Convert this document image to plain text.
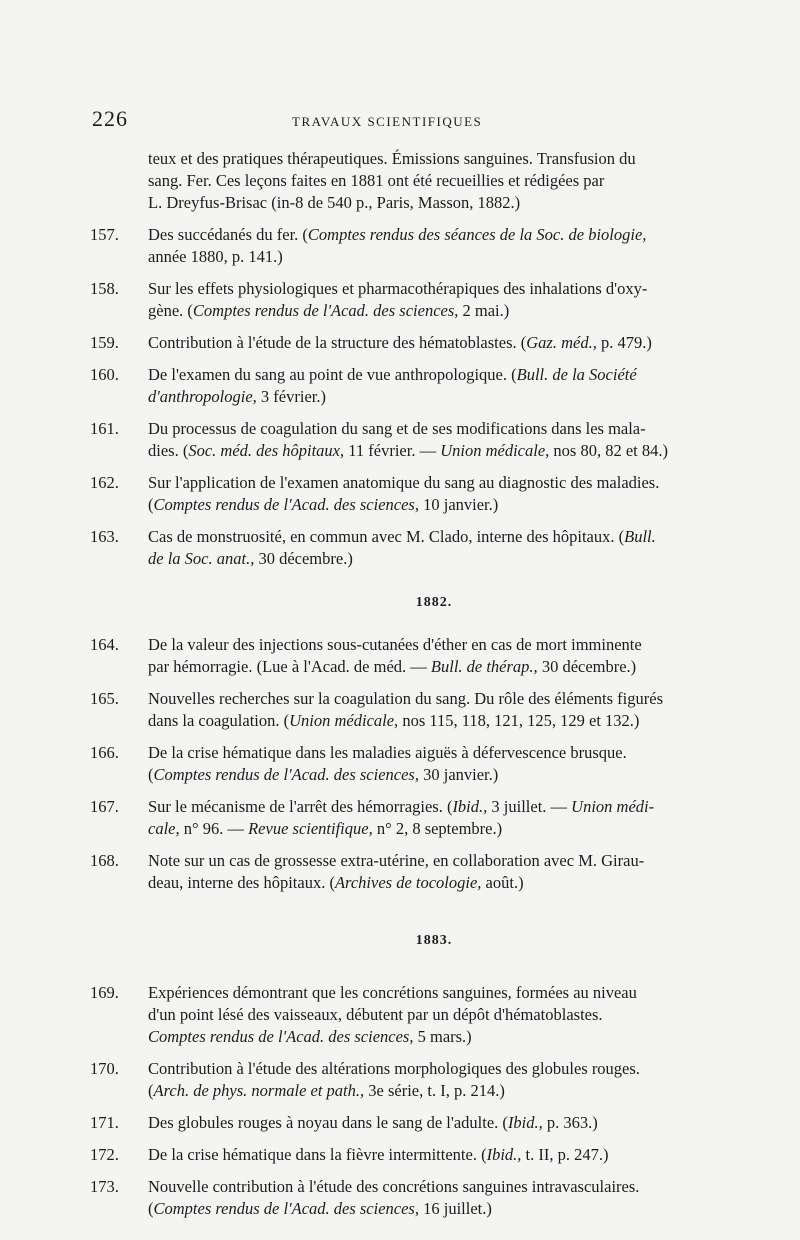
226	TRAVAUX SCIENTIFIQUES
teux et des pratiques thérapeutiques. Émissions sanguines. Transfusion du
sang. Fer. Ces leçons faites en 1881 ont été recueillies et rédigées par
L. Dreyfus-Brisac (in-8 de 540 p., Paris, Masson, 1882.)
157.	Des succédanés du fer. (Comptes rendus des séances de la Soc. de biologie,
année 1880, p. 141.)
158.	Sur les effets physiologiques et pharmacothérapiques des inhalations d'oxy-
gène. (Comptes rendus de l'Acad. des sciences, 2 mai.)
159.	Contribution à l'étude de la structure des hématoblastes. (Gaz. méd., p. 479.)
160.	De l'examen du sang au point de vue anthropologique. (Bull. de la Société
d'anthropologie, 3 février.)
161.	Du processus de coagulation du sang et de ses modifications dans les mala-
dies. (Soc. méd. des hôpitaux, 11 février. — Union médicale, nos 80, 82 et 84.)
162.	Sur l'application de l'examen anatomique du sang au diagnostic des maladies.
(Comptes rendus de l'Acad. des sciences, 10 janvier.)
163.	Cas de monstruosité, en commun avec M. Clado, interne des hôpitaux. (Bull.
de la Soc. anat., 30 décembre.)
1882.
164.	De la valeur des injections sous-cutanées d'éther en cas de mort imminente
par hémorragie. (Lue à l'Acad. de méd. — Bull. de thérap., 30 décembre.)
165.	Nouvelles recherches sur la coagulation du sang. Du rôle des éléments figurés
dans la coagulation. (Union médicale, nos 115, 118, 121, 125, 129 et 132.)
166.	De la crise hématique dans les maladies aiguës à défervescence brusque.
(Comptes rendus de l'Acad. des sciences, 30 janvier.)
167.	Sur le mécanisme de l'arrêt des hémorragies. (Ibid., 3 juillet. — Union médi-
cale, n° 96. — Revue scientifique, n° 2, 8 septembre.)
168.	Note sur un cas de grossesse extra-utérine, en collaboration avec M. Girau-
deau, interne des hôpitaux. (Archives de tocologie, août.)
1883.
169.	Expériences démontrant que les concrétions sanguines, formées au niveau
d'un point lésé des vaisseaux, débutent par un dépôt d'hématoblastes.
Comptes rendus de l'Acad. des sciences, 5 mars.)
170.	Contribution à l'étude des altérations morphologiques des globules rouges.
(Arch. de phys. normale et path., 3e série, t. I, p. 214.)
171.	Des globules rouges à noyau dans le sang de l'adulte. (Ibid., p. 363.)
172.	De la crise hématique dans la fièvre intermittente. (Ibid., t. II, p. 247.)
173.	Nouvelle contribution à l'étude des concrétions sanguines intravasculaires.
(Comptes rendus de l'Acad. des sciences, 16 juillet.)
